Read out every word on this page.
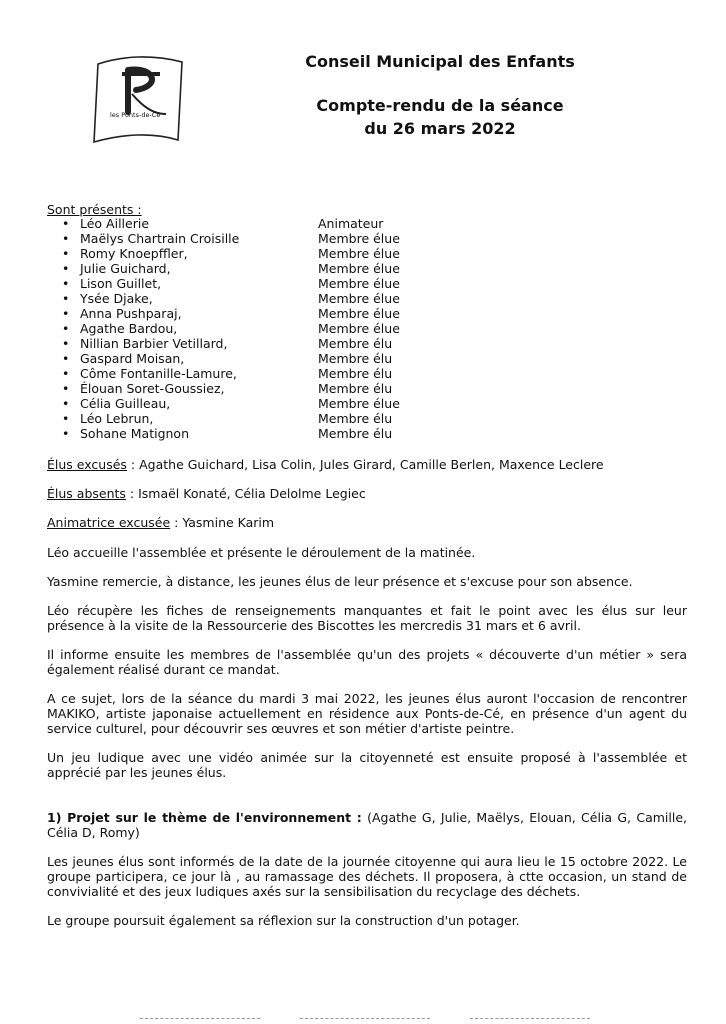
les Ponts-de-Cé
Conseil Municipal des Enfants
Compte-rendu de la séance
du 26 mars 2022
Sont présents :
• Léo Aillerie	Animateur
• Maëlys Chartrain Croisille	Membre élue
• Romy Knoepffler,	Membre élue
• Julie Guichard,	Membre élue
• Lison Guillet,	Membre élue
• Ysée Djake,	Membre élue
• Anna Pushparaj,	Membre élue
• Agathe Bardou,	Membre élue
• Nillian Barbier Vetillard,	Membre élu
• Gaspard Moisan,	Membre élu
• Côme Fontanille-Lamure,	Membre élu
• Élouan Soret-Goussiez,	Membre élu
• Célia Guilleau,	Membre élue
• Léo Lebrun,	Membre élu
• Sohane Matignon	Membre élu
Élus excusés : Agathe Guichard, Lisa Colin, Jules Girard, Camille Berlen, Maxence Leclere
Élus absents : Ismaël Konaté, Célia Delolme Legiec
Animatrice excusée : Yasmine Karim
Léo accueille l'assemblée et présente le déroulement de la matinée.
Yasmine remercie, à distance, les jeunes élus de leur présence et s'excuse pour son absence.
Léo récupère les fiches de renseignements manquantes et fait le point avec les élus sur leur présence à la visite de la Ressourcerie des Biscottes les mercredis 31 mars et 6 avril.
Il informe ensuite les membres de l'assemblée qu'un des projets « découverte d'un métier » sera également réalisé durant ce mandat.
A ce sujet, lors de la séance du mardi 3 mai 2022, les jeunes élus auront l'occasion de rencontrer MAKIKO, artiste japonaise actuellement en résidence aux Ponts-de-Cé, en présence d'un agent du service culturel, pour découvrir ses œuvres et son métier d'artiste peintre.
Un jeu ludique avec une vidéo animée sur la citoyenneté est ensuite proposé à l'assemblée et apprécié par les jeunes élus.
1) Projet sur le thème de l'environnement : (Agathe G, Julie, Maëlys, Elouan, Célia G, Camille, Célia D, Romy)
Les jeunes élus sont informés de la date de la journée citoyenne qui aura lieu le 15 octobre 2022. Le groupe participera, ce jour là , au ramassage des déchets. Il proposera, à ctte occasion, un stand de convivialité et des jeux ludiques axés sur la sensibilisation du recyclage des déchets.
Le groupe poursuit également sa réflexion sur la construction d'un potager.
